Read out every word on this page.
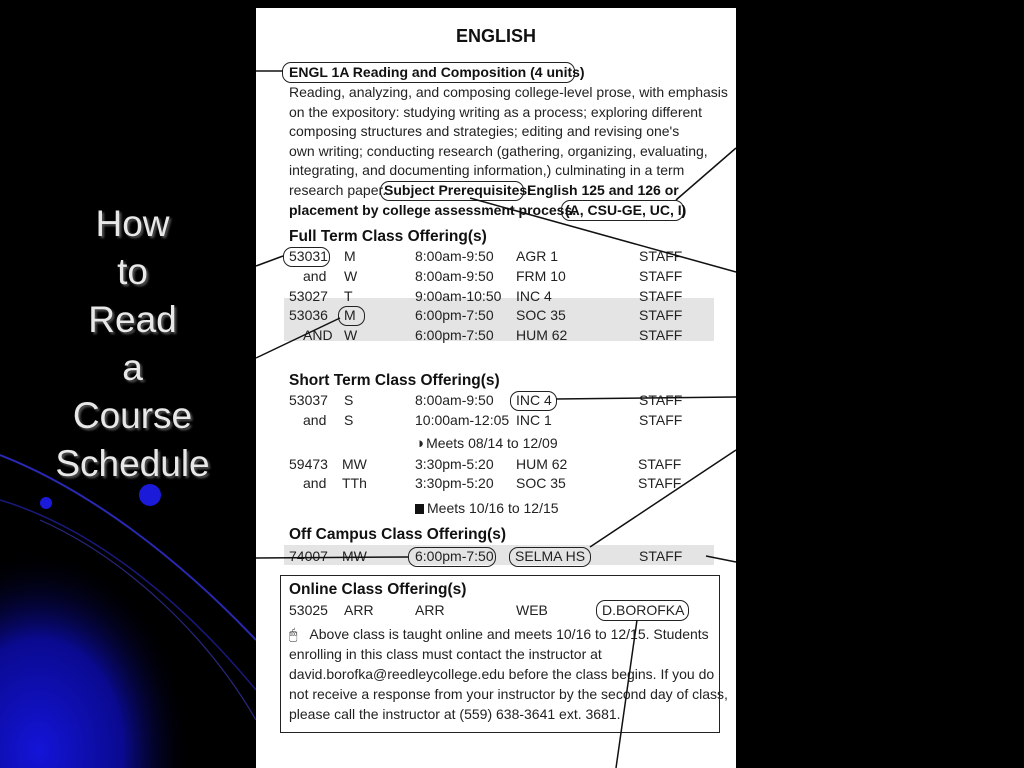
How
to
Read
a
Course
Schedule
ENGLISH
ENGL 1A Reading and Composition (4 units)
Reading, analyzing, and composing college-level prose, with emphasis
on the expository: studying writing as a process; exploring different
composing structures and strategies; editing and revising one's
own writing; conducting research (gathering, organizing, evaluating,
integrating, and documenting information,) culminating in a term
research paper.
Subject Prerequisites:
English 125 and 126 or
placement by college assessment process.
(A, CSU-GE, UC, I)
Full Term Class Offering(s)
53031 M	8:00am-9:50 AGR 1	STAFF
and W	8:00am-9:50 FRM 10	STAFF
53027 T	9:00am-10:50 INC 4	STAFF
53036 M	6:00pm-7:50 SOC 35	STAFF
AND W	6:00pm-7:50 HUM 62	STAFF
Short Term Class Offering(s)
53037 S	8:00am-9:50 INC 4	STAFF
and S	10:00am-12:05 INC 1	STAFF
◑ Meets 08/14 to 12/09
59473 MW	3:30pm-5:20 HUM 62	STAFF
and TTh	3:30pm-5:20 SOC 35	STAFF
Meets 10/16 to 12/15
Off Campus Class Offering(s)
74007 MW	6:00pm-7:50 SELMA HS	STAFF
Online Class Offering(s)
53025 ARR	ARR	WEB	D.BOROFKA
🖱 Above class is taught online and meets 10/16 to 12/15. Students
enrolling in this class must contact the instructor at
david.borofka@reedleycollege.edu before the class begins. If you do
not receive a response from your instructor by the second day of class,
please call the instructor at (559) 638-3641 ext. 3681.
